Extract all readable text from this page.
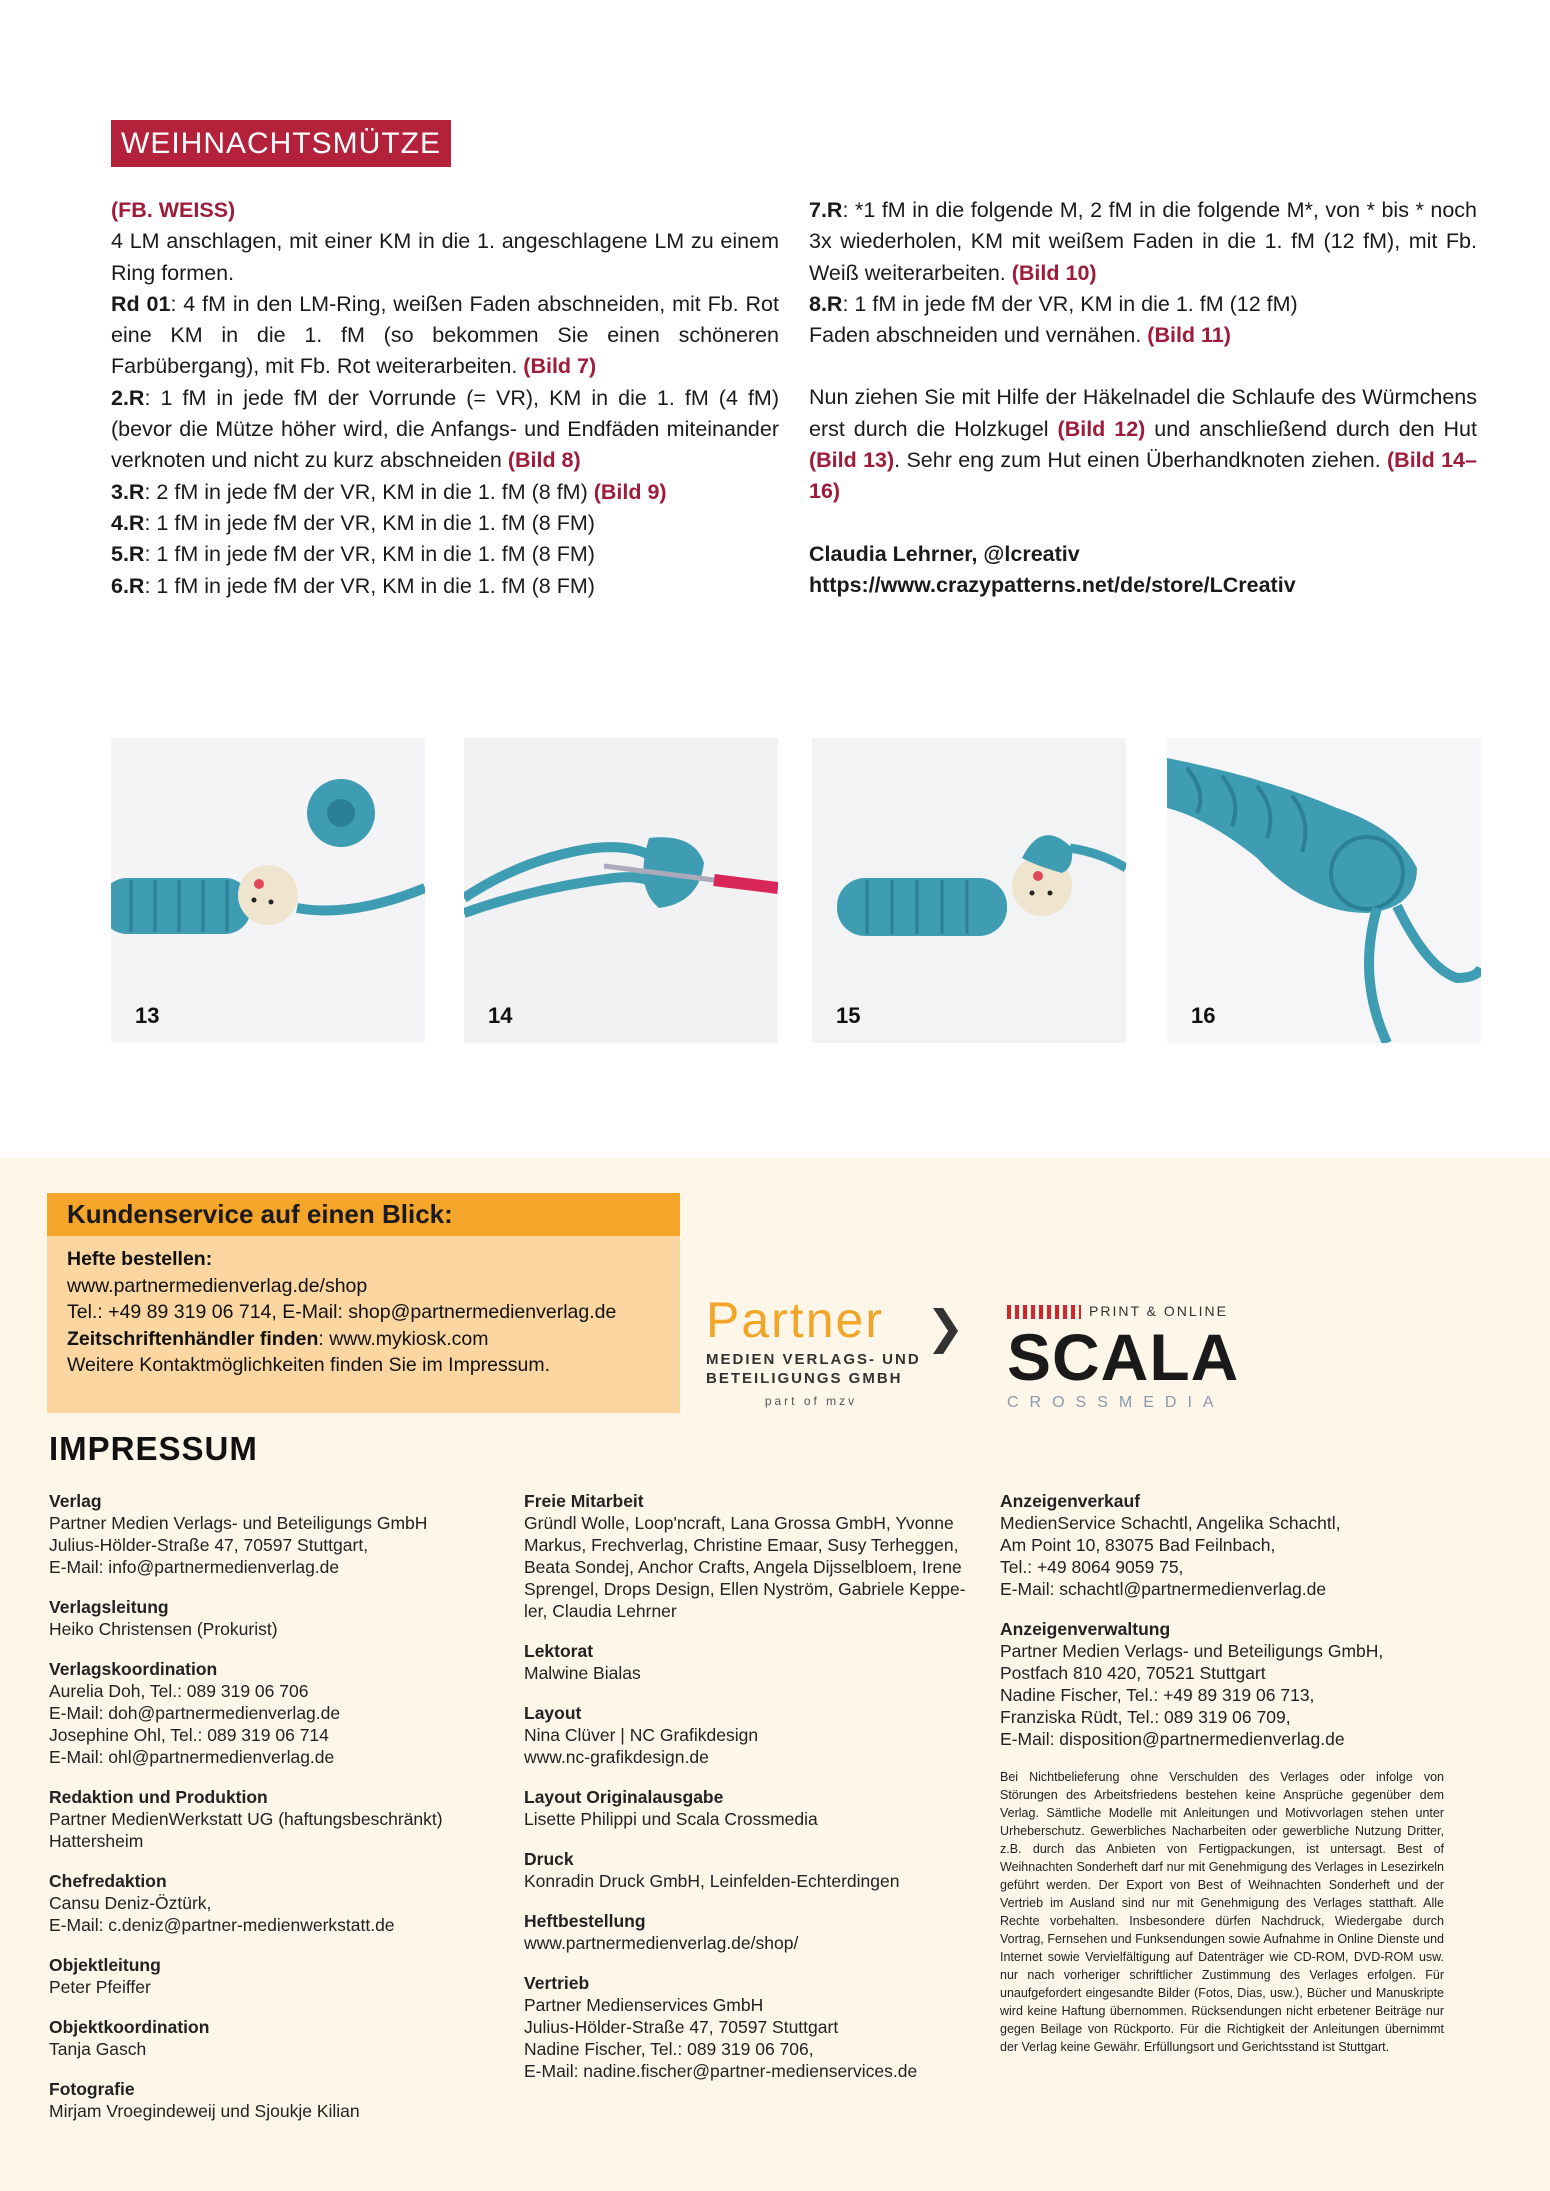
WEIHNACHTSMÜTZE

(FB. WEISS)

4 LM anschlagen, mit einer KM in die 1. angeschlagene LM zu einem Ring formen.

Rd 01: 4 fM in den LM-Ring, weißen Faden abschneiden, mit Fb. Rot eine KM in die 1. fM (so bekommen Sie einen schöneren Farbübergang), mit Fb. Rot weiterarbeiten. (Bild 7)

2.R: 1 fM in jede fM der Vorrunde (= VR), KM in die 1. fM (4 fM) (bevor die Mütze höher wird, die Anfangs- und Endfäden miteinander verknoten und nicht zu kurz abschneiden (Bild 8)

3.R: 2 fM in jede fM der VR, KM in die 1. fM (8 fM) (Bild 9)

4.R: 1 fM in jede fM der VR, KM in die 1. fM (8 FM)

5.R: 1 fM in jede fM der VR, KM in die 1. fM (8 FM)

6.R: 1 fM in jede fM der VR, KM in die 1. fM (8 FM)

7.R: *1 fM in die folgende M, 2 fM in die folgende M*, von * bis * noch 3x wiederholen, KM mit weißem Faden in die 1. fM (12 fM), mit Fb. Weiß weiterarbeiten. (Bild 10)

8.R: 1 fM in jede fM der VR, KM in die 1. fM (12 fM)

Faden abschneiden und vernähen. (Bild 11)

Nun ziehen Sie mit Hilfe der Häkelnadel die Schlaufe des Würmchens erst durch die Holzkugel (Bild 12) und anschließend durch den Hut (Bild 13). Sehr eng zum Hut einen Überhandknoten ziehen. (Bild 14–16)

Claudia Lehrner, @lcreativ

https://www.crazypatterns.net/de/store/LCreativ

13	14	15	16
Kundenservice auf einen Blick:
Hefte bestellen:
www.partnermedienverlag.de/shop
Tel.: +49 89 319 06 714, E-Mail: shop@partnermedienverlag.de
Zeitschriftenhändler finden: www.mykiosk.com
Weitere Kontaktmöglichkeiten finden Sie im Impressum.
Partner ❯
MEDIEN VERLAGS- UND
BETEILIGUNGS GMBH
part of mzv
PRINT & ONLINE
SCALA
CROSSMEDIA
IMPRESSUM
Verlag
Partner Medien Verlags- und Beteiligungs GmbH
Julius-Hölder-Straße 47, 70597 Stuttgart,
E-Mail: info@partnermedienverlag.de
Verlagsleitung
Heiko Christensen (Prokurist)
Verlagskoordination
Aurelia Doh, Tel.: 089 319 06 706
E-Mail: doh@partnermedienverlag.de
Josephine Ohl, Tel.: 089 319 06 714
E-Mail: ohl@partnermedienverlag.de
Redaktion und Produktion
Partner MedienWerkstatt UG (haftungsbeschränkt)
Hattersheim
Chefredaktion
Cansu Deniz-Öztürk,
E-Mail: c.deniz@partner-medienwerkstatt.de
Objektleitung
Peter Pfeiffer
Objektkoordination
Tanja Gasch
Fotografie
Mirjam Vroegindeweij und Sjoukje Kilian
Freie Mitarbeit
Gründl Wolle, Loop'ncraft, Lana Grossa GmbH, Yvonne
Markus, Frechverlag, Christine Emaar, Susy Terheggen,
Beata Sondej, Anchor Crafts, Angela Dijsselbloem, Irene
Sprengel, Drops Design, Ellen Nyström, Gabriele Keppe-
ler, Claudia Lehrner
Lektorat
Malwine Bialas
Layout
Nina Clüver | NC Grafikdesign
www.nc-grafikdesign.de
Layout Originalausgabe
Lisette Philippi und Scala Crossmedia
Druck
Konradin Druck GmbH, Leinfelden-Echterdingen
Heftbestellung
www.partnermedienverlag.de/shop/
Vertrieb
Partner Medienservices GmbH
Julius-Hölder-Straße 47, 70597 Stuttgart
Nadine Fischer, Tel.: 089 319 06 706,
E-Mail: nadine.fischer@partner-medienservices.de
Anzeigenverkauf
MedienService Schachtl, Angelika Schachtl,
Am Point 10, 83075 Bad Feilnbach,
Tel.: +49 8064 9059 75,
E-Mail: schachtl@partnermedienverlag.de
Anzeigenverwaltung
Partner Medien Verlags- und Beteiligungs GmbH,
Postfach 810 420, 70521 Stuttgart
Nadine Fischer, Tel.: +49 89 319 06 713,
Franziska Rüdt, Tel.: 089 319 06 709,
E-Mail: disposition@partnermedienverlag.de
Bei Nichtbelieferung ohne Verschulden des Verlages oder infolge von Störungen des Arbeitsfriedens bestehen keine Ansprüche gegenüber dem Verlag. Sämtliche Modelle mit Anleitungen und Motivvorlagen stehen unter Urheberschutz. Gewerbliches Nacharbeiten oder gewerbliche Nutzung Dritter, z.B. durch das Anbieten von Fertigpackungen, ist untersagt. Best of Weihnachten Sonderheft darf nur mit Genehmigung des Verlages in Lesezirkeln geführt werden. Der Export von Best of Weihnachten Sonderheft und der Vertrieb im Ausland sind nur mit Genehmigung des Verlages statthaft. Alle Rechte vorbehalten. Insbesondere dürfen Nachdruck, Wiedergabe durch Vortrag, Fernsehen und Funksendungen sowie Aufnahme in Online Dienste und Internet sowie Vervielfältigung auf Datenträger wie CD-ROM, DVD-ROM usw. nur nach vorheriger schriftlicher Zustimmung des Verlages erfolgen. Für unaufgefordert eingesandte Bilder (Fotos, Dias, usw.), Bücher und Manuskripte wird keine Haftung übernommen. Rücksendungen nicht erbetener Beiträge nur gegen Beilage von Rückporto. Für die Richtigkeit der Anleitungen übernimmt der Verlag keine Gewähr. Erfüllungsort und Gerichtsstand ist Stuttgart.
